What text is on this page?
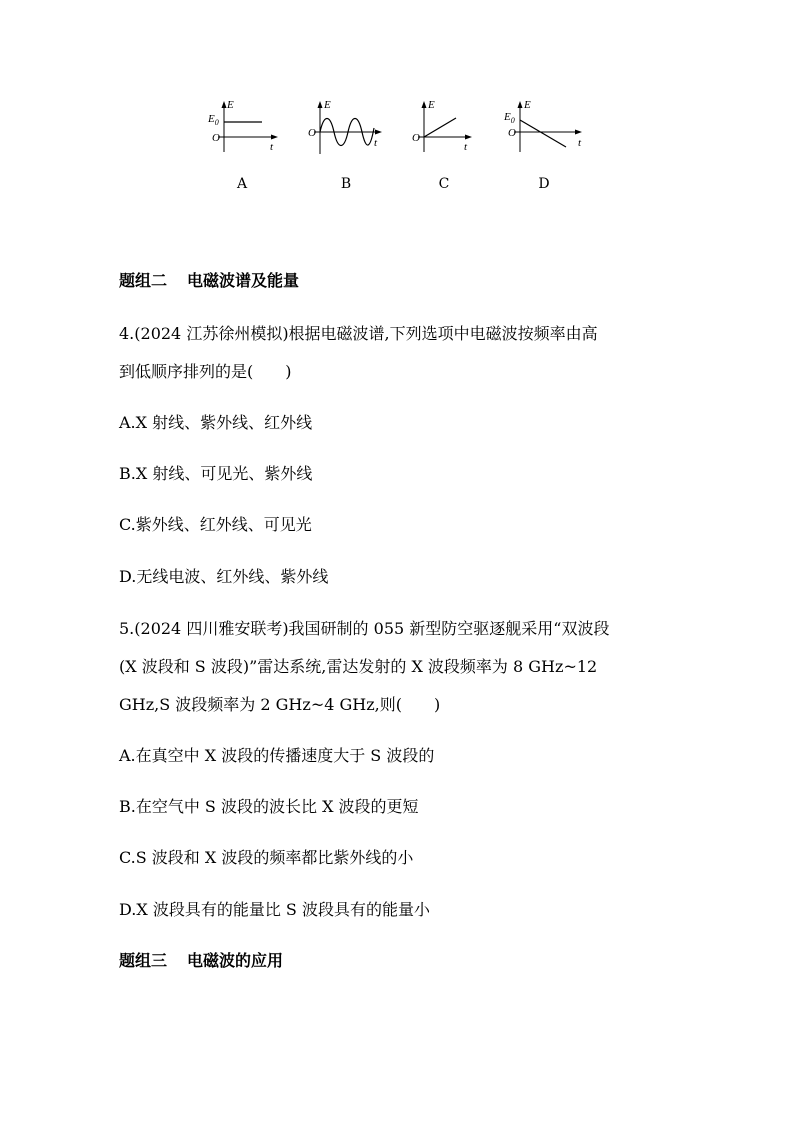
E
$E_0$
O
t
A
E
O
t
B
E
O
t
C
E
$E_0$
O
t
D
题组二 电磁波谱及能量
4.(2024 江苏徐州模拟)根据电磁波谱,下列选项中电磁波按频率由高
到低顺序排列的是(　　)
A.X 射线、紫外线、红外线
B.X 射线、可见光、紫外线
C.紫外线、红外线、可见光
D.无线电波、红外线、紫外线
5.(2024 四川雅安联考)我国研制的 055 新型防空驱逐舰采用“双波段
(X 波段和 S 波段)”雷达系统,雷达发射的 X 波段频率为 8 GHz~12
GHz,S 波段频率为 2 GHz~4 GHz,则(　　)
A.在真空中 X 波段的传播速度大于 S 波段的
B.在空气中 S 波段的波长比 X 波段的更短
C.S 波段和 X 波段的频率都比紫外线的小
D.X 波段具有的能量比 S 波段具有的能量小
题组三 电磁波的应用
